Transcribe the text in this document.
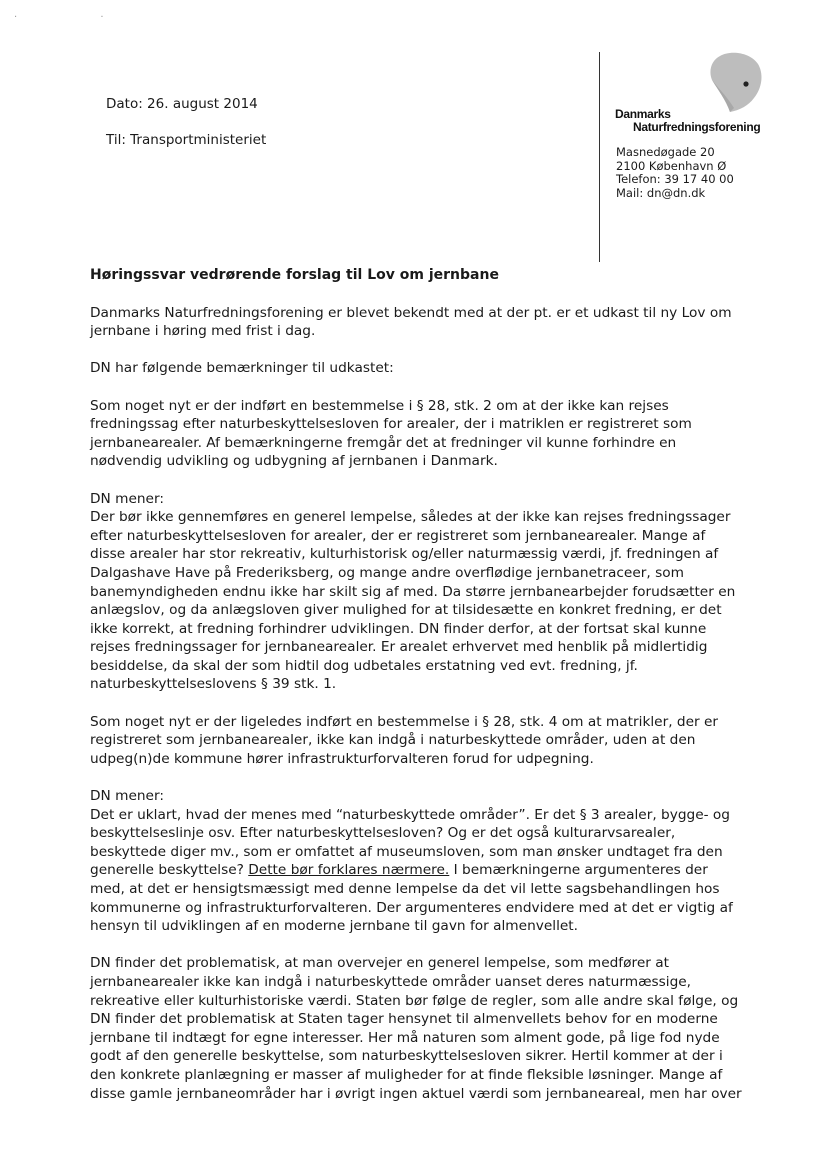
· ·
Dato: 26. august 2014
Til: Transportministeriet
Danmarks
Naturfredningsforening
Masnedøgade 20
2100 København Ø
Telefon: 39 17 40 00
Mail: dn@dn.dk
Høringssvar vedrørende forslag til Lov om jernbane

Danmarks Naturfredningsforening er blevet bekendt med at der pt. er et udkast til ny Lov om
jernbane i høring med frist i dag.

DN har følgende bemærkninger til udkastet:

Som noget nyt er der indført en bestemmelse i § 28, stk. 2 om at der ikke kan rejses
fredningssag efter naturbeskyttelsesloven for arealer, der i matriklen er registreret som
jernbanearealer. Af bemærkningerne fremgår det at fredninger vil kunne forhindre en
nødvendig udvikling og udbygning af jernbanen i Danmark.

DN mener:
Der bør ikke gennemføres en generel lempelse, således at der ikke kan rejses fredningssager
efter naturbeskyttelsesloven for arealer, der er registreret som jernbanearealer. Mange af
disse arealer har stor rekreativ, kulturhistorisk og/eller naturmæssig værdi, jf. fredningen af
Dalgashave Have på Frederiksberg, og mange andre overflødige jernbanetraceer, som
banemyndigheden endnu ikke har skilt sig af med. Da større jernbanearbejder forudsætter en
anlægslov, og da anlægsloven giver mulighed for at tilsidesætte en konkret fredning, er det
ikke korrekt, at fredning forhindrer udviklingen. DN finder derfor, at der fortsat skal kunne
rejses fredningssager for jernbanearealer. Er arealet erhvervet med henblik på midlertidig
besiddelse, da skal der som hidtil dog udbetales erstatning ved evt. fredning, jf.
naturbeskyttelseslovens § 39 stk. 1.

Som noget nyt er der ligeledes indført en bestemmelse i § 28, stk. 4 om at matrikler, der er
registreret som jernbanearealer, ikke kan indgå i naturbeskyttede områder, uden at den
udpeg(n)de kommune hører infrastrukturforvalteren forud for udpegning.

DN mener:
Det er uklart, hvad der menes med “naturbeskyttede områder”. Er det § 3 arealer, bygge- og
beskyttelseslinje osv. Efter naturbeskyttelsesloven? Og er det også kulturarvsarealer,
beskyttede diger mv., som er omfattet af museumsloven, som man ønsker undtaget fra den
generelle beskyttelse? Dette bør forklares nærmere. I bemærkningerne argumenteres der
med, at det er hensigtsmæssigt med denne lempelse da det vil lette sagsbehandlingen hos
kommunerne og infrastrukturforvalteren. Der argumenteres endvidere med at det er vigtig af
hensyn til udviklingen af en moderne jernbane til gavn for almenvellet.

DN finder det problematisk, at man overvejer en generel lempelse, som medfører at
jernbanearealer ikke kan indgå i naturbeskyttede områder uanset deres naturmæssige,
rekreative eller kulturhistoriske værdi. Staten bør følge de regler, som alle andre skal følge, og
DN finder det problematisk at Staten tager hensynet til almenvellets behov for en moderne
jernbane til indtægt for egne interesser. Her må naturen som alment gode, på lige fod nyde
godt af den generelle beskyttelse, som naturbeskyttelsesloven sikrer. Hertil kommer at der i
den konkrete planlægning er masser af muligheder for at finde fleksible løsninger. Mange af
disse gamle jernbaneområder har i øvrigt ingen aktuel værdi som jernbaneareal, men har over
